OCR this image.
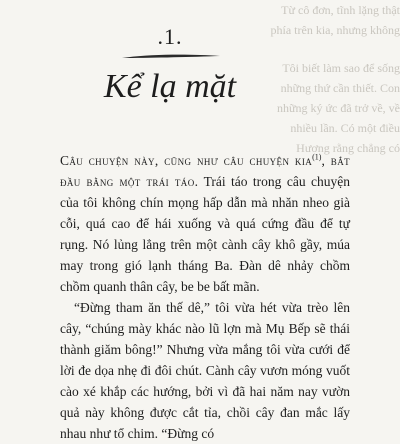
Từ cô đơn, tĩnh lặng thật
phía trên kia, nhưng không
Tôi biết làm sao để sống
những thứ cần thiết. Con
những ký ức đã trở về, về
nhiều lần. Có một điều
Hương rằng chẳng có
.1.
Kể lạ mặt

Câu chuyện này, cũng như câu chuyện kia$^{(1)}$, bắt đầu bằng một trái táo. Trái táo trong câu chuyện của tôi không chín mọng hấp dẫn mà nhăn nheo già cỗi, quá cao để hái xuống và quá cứng đầu để tự rụng. Nó lủng lẳng trên một cành cây khô gầy, múa may trong gió lạnh tháng Ba. Đàn dê nhảy chồm chồm quanh thân cây, be be bất mãn.

“Đừng tham ăn thế dê,” tôi vừa hét vừa trèo lên cây, “chúng mày khác nào lũ lợn mà Mụ Bếp sẽ thái thành giăm bông!” Nhưng vừa mắng tôi vừa cưới để lời đe dọa nhẹ đi đôi chút. Cành cây vươn móng vuốt cào xé khắp các hướng, bởi vì đã hai năm nay vườn quả này không được cắt tỉa, chồi cây đan mắc lấy nhau như tổ chim. “Đừng có
